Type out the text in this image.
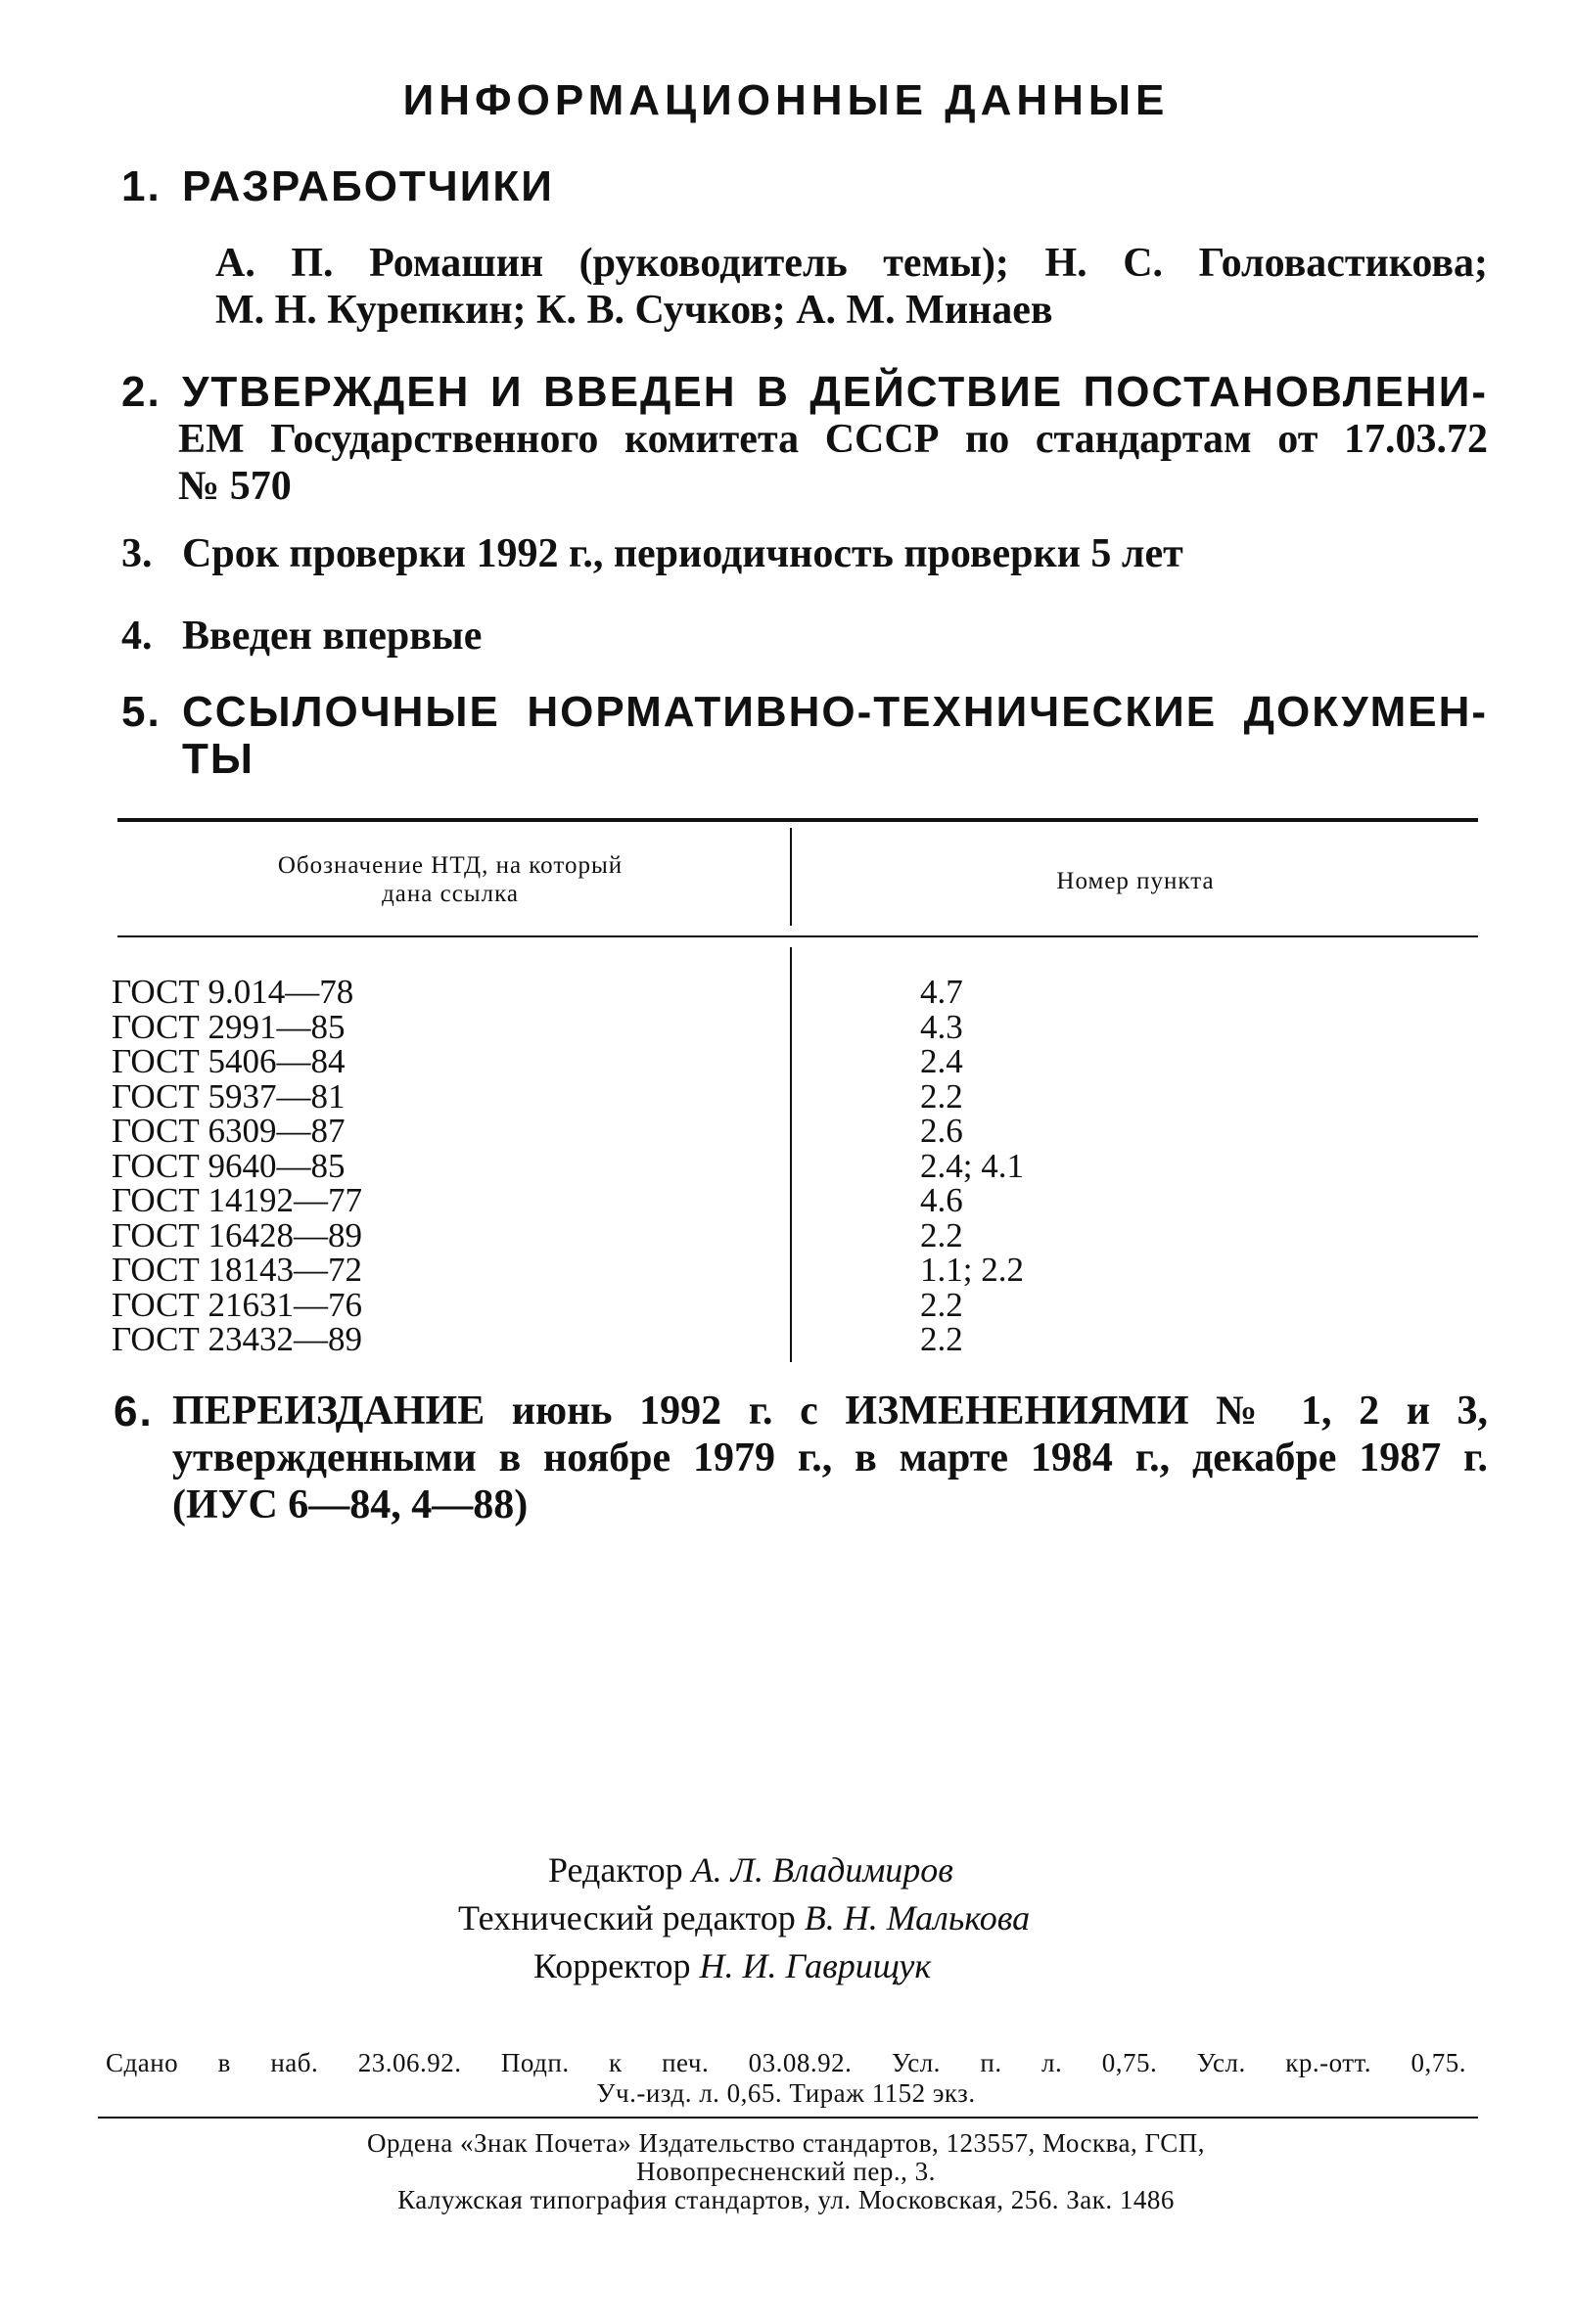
ИНФОРМАЦИОННЫЕ ДАННЫЕ
1. РАЗРАБОТЧИКИ
А. П. Ромашин (руководитель темы); Н. С. Головастикова;
М. Н. Курепкин; К. В. Сучков; А. М. Минаев
2. УТВЕРЖДЕН И ВВЕДЕН В ДЕЙСТВИЕ ПОСТАНОВЛЕНИ-
ЕМ Государственного комитета СССР по стандартам от 17.03.72
№ 570
3. Срок проверки 1992 г., периодичность проверки 5 лет
4. Введен впервые
5. ССЫЛОЧНЫЕ НОРМАТИВНО-ТЕХНИЧЕСКИЕ ДОКУМЕН-
ТЫ
Обозначение НТД, на который
дана ссылка	Номер пункта
ГОСТ 9.014—78
ГОСТ 2991—85
ГОСТ 5406—84
ГОСТ 5937—81
ГОСТ 6309—87
ГОСТ 9640—85
ГОСТ 14192—77
ГОСТ 16428—89
ГОСТ 18143—72
ГОСТ 21631—76
ГОСТ 23432—89
4.7
4.3
2.4
2.2
2.6
2.4; 4.1
4.6
2.2
1.1; 2.2
2.2
2.2
6. ПЕРЕИЗДАНИЕ июнь 1992 г. с ИЗМЕНЕНИЯМИ № 1, 2 и 3,
утвержденными в ноябре 1979 г., в марте 1984 г., декабре 1987 г.
(ИУС 6—84, 4—88)
Редактор А. Л. Владимиров
Технический редактор В. Н. Малькова
Корректор Н. И. Гаврищук
Сдано в наб. 23.06.92. Подп. к печ. 03.08.92. Усл. п. л. 0,75. Усл. кр.-отт. 0,75.
Уч.-изд. л. 0,65. Тираж 1152 экз.
Ордена «Знак Почета» Издательство стандартов, 123557, Москва, ГСП,
Новопресненский пер., 3.
Калужская типография стандартов, ул. Московская, 256. Зак. 1486
